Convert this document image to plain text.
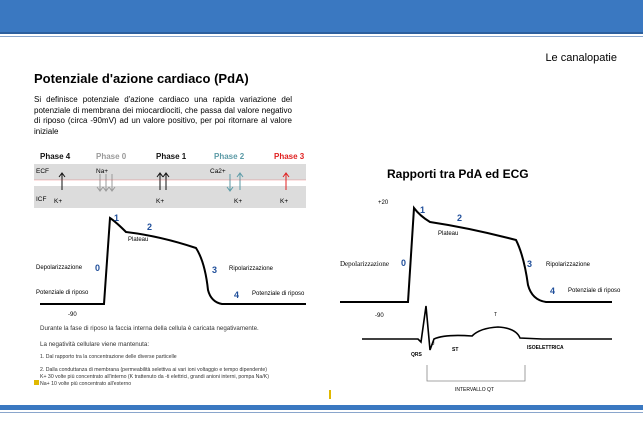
Le canalopatie
Potenziale d'azione cardiaco (PdA)
Si definisce potenziale d'azione cardiaco una rapida variazione del potenziale di membrana dei miocardiociti, che passa dal valore negativo di riposo (circa -90mV) ad un valore positivo, per poi ritornare al valore iniziale
Rapporti tra PdA ed ECG
Phase 4	Phase 0	Phase 1	Phase 2	Phase 3
ECF
ICF K+
Na+
K+
Ca2+
K+	K+
1
2
Plateau
0
Depolarizzazione	3 Ripolarizzazione
Potenziale di riposo	4 Potenziale di riposo
-90
+20
1
2
Plateau
Depolarizzazione 0	3 Ripolarizzazione
4 Potenziale di riposo
-90	T
J
QRS
ST	ISOELETTRICA
INTERVALLO QT
Durante la fase di riposo la faccia interna della cellula è caricata negativamente.
La negatività cellulare viene mantenuta:
1. Dal rapporto tra la concentrazione delle diverse particelle
2. Dalla conduttanza di membrana (permeabilità selettiva ai vari ioni voltaggio e tempo dipendente)
K+ 30 volte più concentrato all'interno (K trattenuto da -ti elettrici, grandi anioni interni, pompa Na/K)
Na+ 10 volte più concentrato all'esterno
